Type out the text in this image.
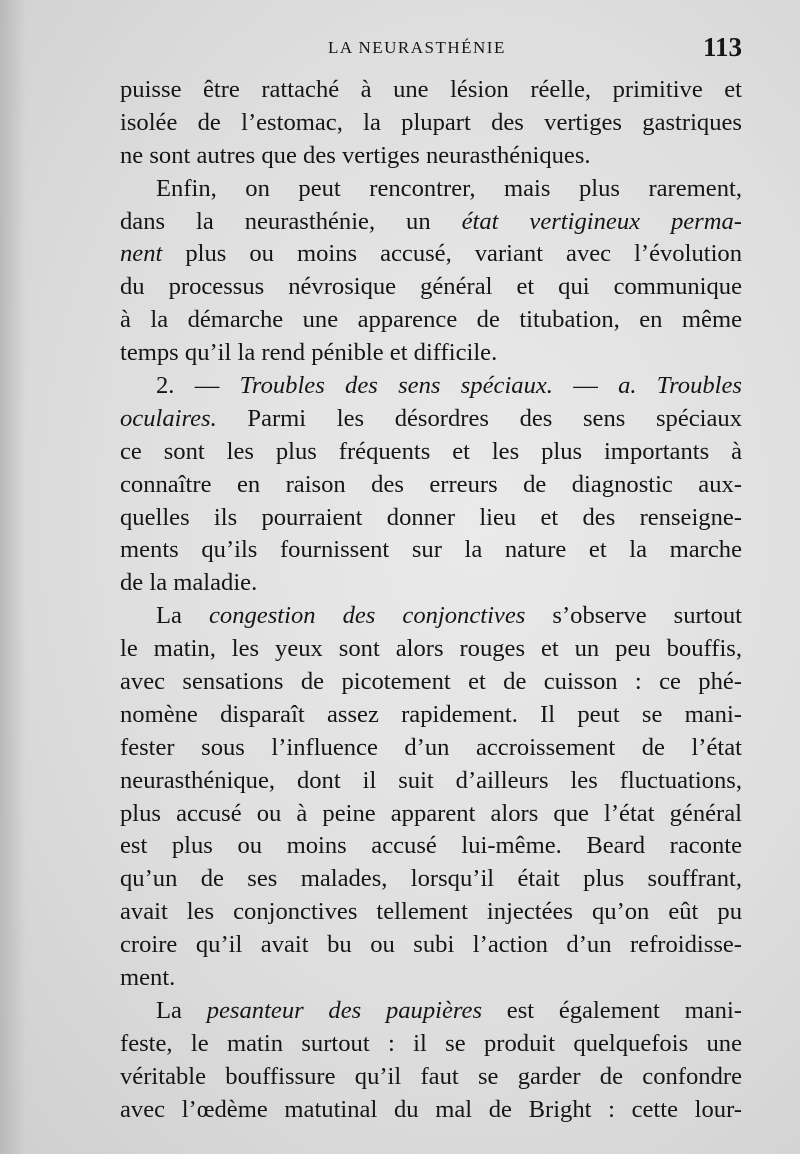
LA NEURASTHÉNIE	113
puisse être rattaché à une lésion réelle, primitive et
isolée de l’estomac, la plupart des vertiges gastriques
ne sont autres que des vertiges neurasthéniques.
Enfin, on peut rencontrer, mais plus rarement,
dans la neurasthénie, un état vertigineux perma-
nent plus ou moins accusé, variant avec l’évolution
du processus névrosique général et qui communique
à la démarche une apparence de titubation, en même
temps qu’il la rend pénible et difficile.
2. — Troubles des sens spéciaux. — a. Troubles
oculaires. Parmi les désordres des sens spéciaux
ce sont les plus fréquents et les plus importants à
connaître en raison des erreurs de diagnostic aux-
quelles ils pourraient donner lieu et des renseigne-
ments qu’ils fournissent sur la nature et la marche
de la maladie.
La congestion des conjonctives s’observe surtout
le matin, les yeux sont alors rouges et un peu bouffis,
avec sensations de picotement et de cuisson : ce phé-
nomène disparaît assez rapidement. Il peut se mani-
fester sous l’influence d’un accroissement de l’état
neurasthénique, dont il suit d’ailleurs les fluctuations,
plus accusé ou à peine apparent alors que l’état général
est plus ou moins accusé lui-même. Beard raconte
qu’un de ses malades, lorsqu’il était plus souffrant,
avait les conjonctives tellement injectées qu’on eût pu
croire qu’il avait bu ou subi l’action d’un refroidisse-
ment.
La pesanteur des paupières est également mani-
feste, le matin surtout : il se produit quelquefois une
véritable bouffissure qu’il faut se garder de confondre
avec l’œdème matutinal du mal de Bright : cette lour-
